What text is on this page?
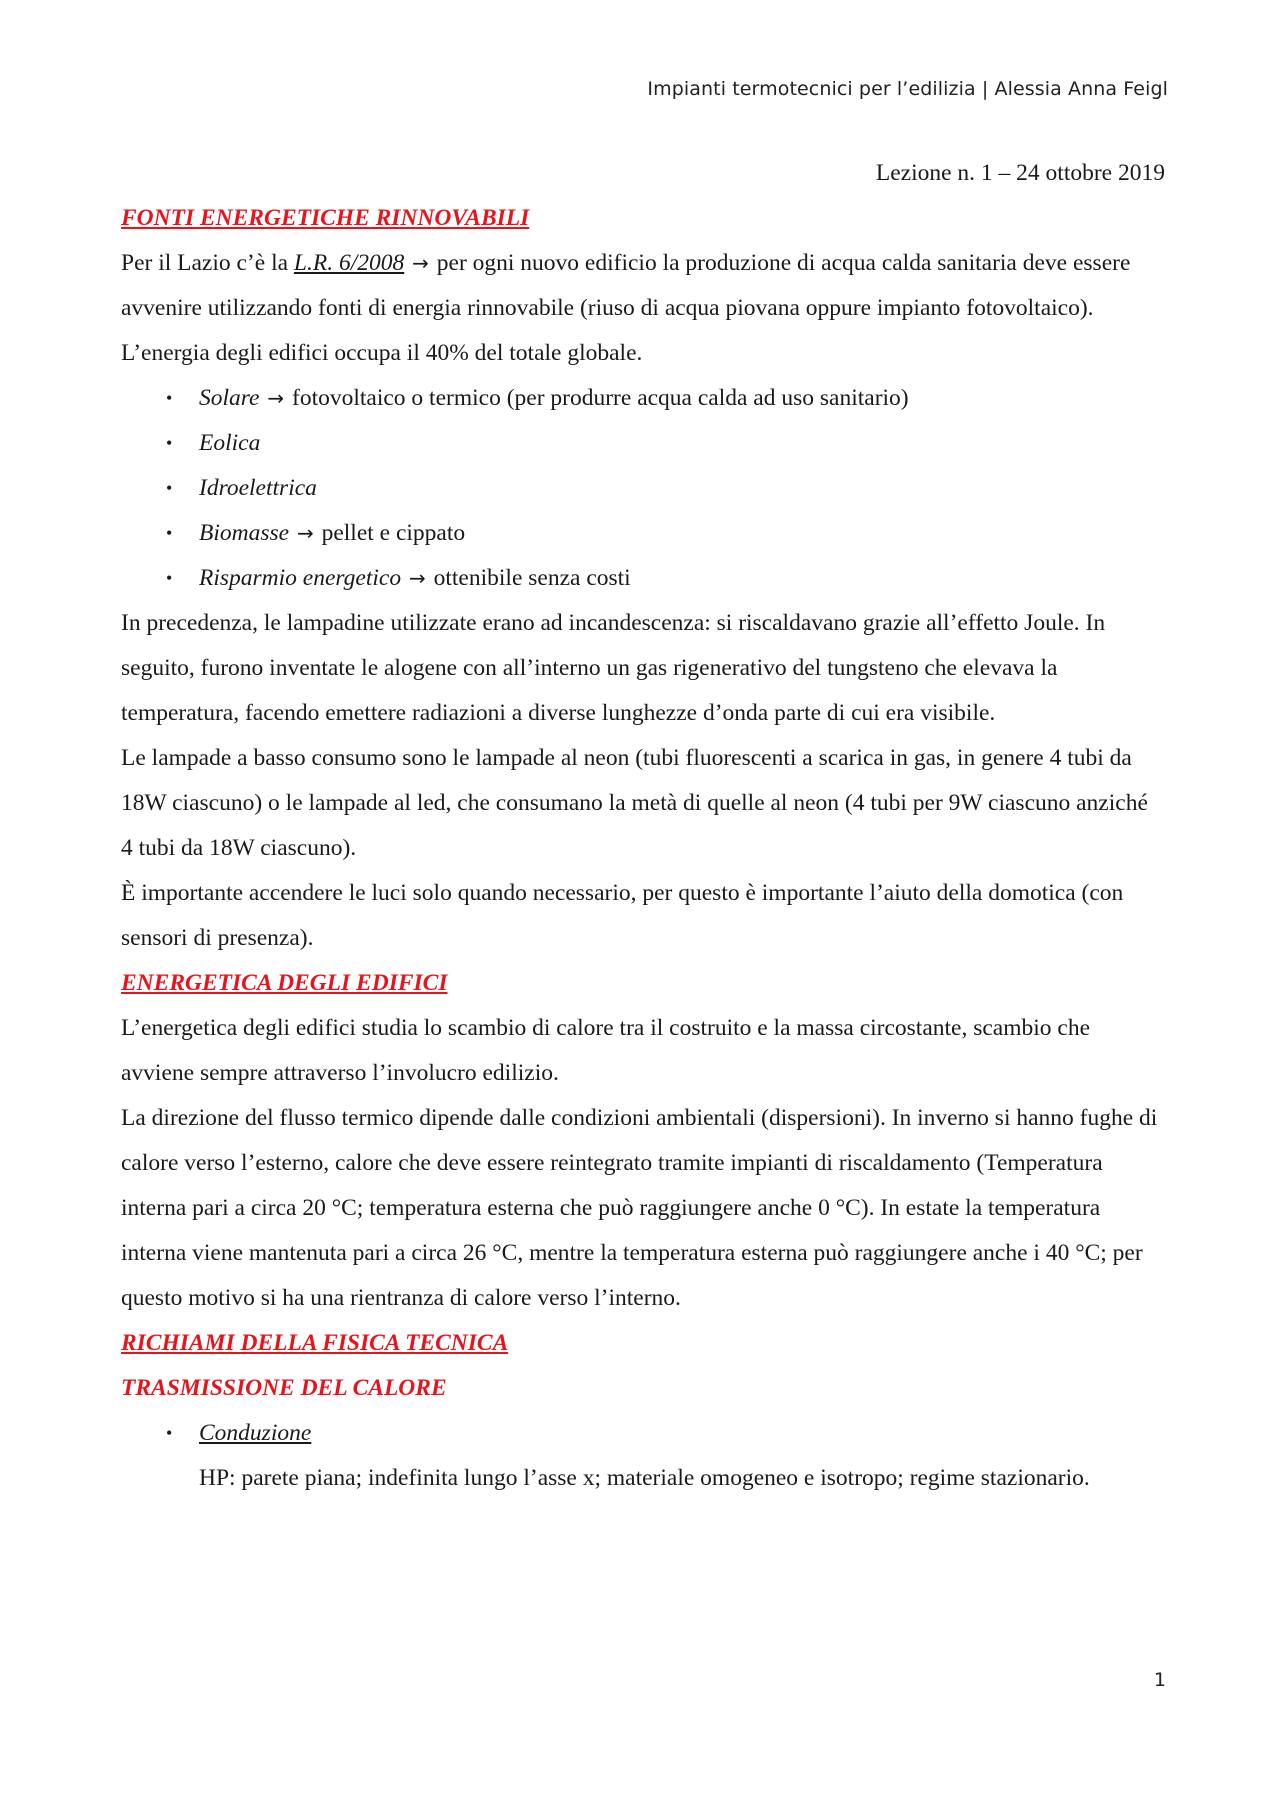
Impianti termotecnici per l’edilizia | Alessia Anna Feigl

Lezione n. 1 – 24 ottobre 2019

FONTI ENERGETICHE RINNOVABILI

Per il Lazio c’è la L.R. 6/2008 → per ogni nuovo edificio la produzione di acqua calda sanitaria deve essere avvenire utilizzando fonti di energia rinnovabile (riuso di acqua piovana oppure impianto fotovoltaico).

L’energia degli edifici occupa il 40% del totale globale.

• Solare → fotovoltaico o termico (per produrre acqua calda ad uso sanitario)
• Eolica
• Idroelettrica
• Biomasse → pellet e cippato
• Risparmio energetico → ottenibile senza costi

In precedenza, le lampadine utilizzate erano ad incandescenza: si riscaldavano grazie all’effetto Joule. In seguito, furono inventate le alogene con all’interno un gas rigenerativo del tungsteno che elevava la temperatura, facendo emettere radiazioni a diverse lunghezze d’onda parte di cui era visibile.

Le lampade a basso consumo sono le lampade al neon (tubi fluorescenti a scarica in gas, in genere 4 tubi da 18W ciascuno) o le lampade al led, che consumano la metà di quelle al neon (4 tubi per 9W ciascuno anziché 4 tubi da 18W ciascuno).

È importante accendere le luci solo quando necessario, per questo è importante l’aiuto della domotica (con sensori di presenza).

ENERGETICA DEGLI EDIFICI

L’energetica degli edifici studia lo scambio di calore tra il costruito e la massa circostante, scambio che avviene sempre attraverso l’involucro edilizio.

La direzione del flusso termico dipende dalle condizioni ambientali (dispersioni). In inverno si hanno fughe di calore verso l’esterno, calore che deve essere reintegrato tramite impianti di riscaldamento (Temperatura interna pari a circa 20 °C; temperatura esterna che può raggiungere anche 0 °C). In estate la temperatura interna viene mantenuta pari a circa 26 °C, mentre la temperatura esterna può raggiungere anche i 40 °C; per questo motivo si ha una rientranza di calore verso l’interno.

RICHIAMI DELLA FISICA TECNICA
TRASMISSIONE DEL CALORE
• Conduzione

HP: parete piana; indefinita lungo l’asse x; materiale omogeneo e isotropo; regime stazionario.

1
